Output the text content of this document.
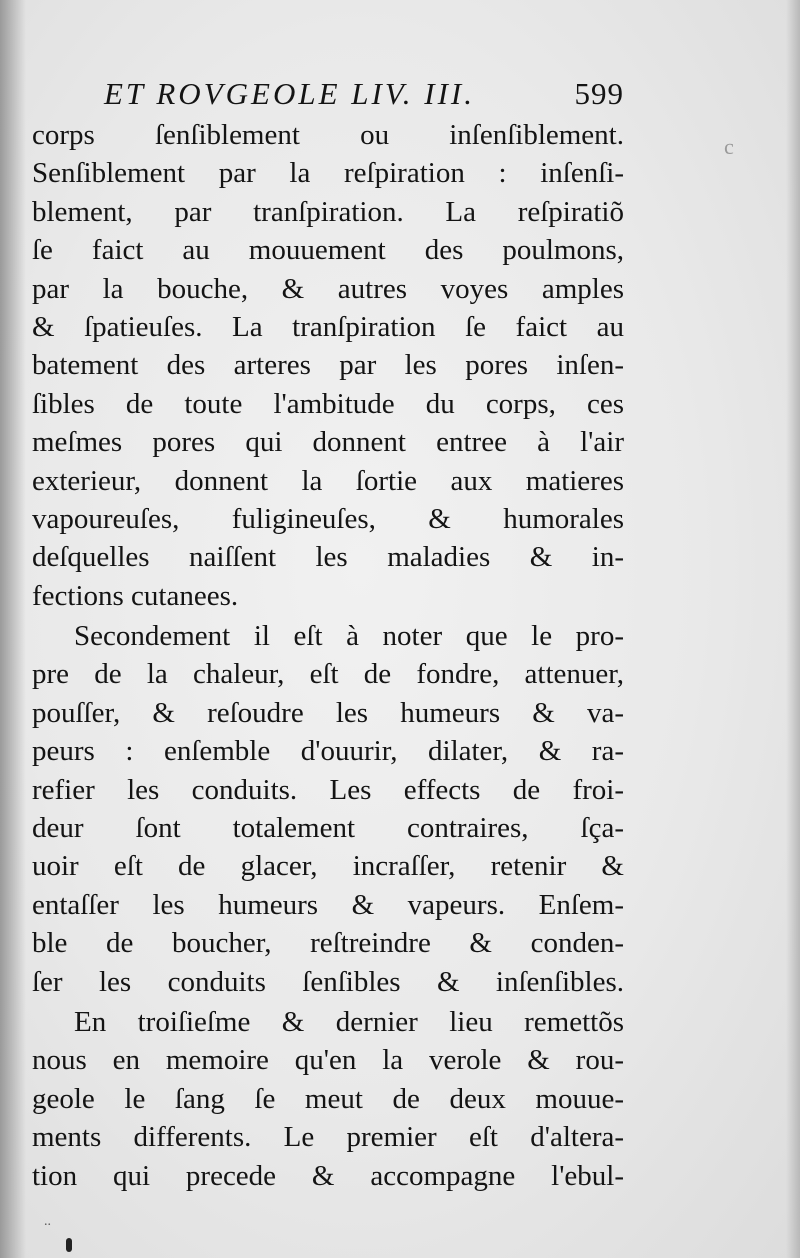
ET ROVGEOLE LIV. III.	599
corps ſenſiblement ou inſenſiblement.
Senſiblement par la reſpiration : inſenſi-
blement, par tranſpiration. La reſpiratiõ
ſe faict au mouuement des poulmons,
par la bouche, & autres voyes amples
& ſpatieuſes. La tranſpiration ſe faict au
batement des arteres par les pores inſen-
ſibles de toute l'ambitude du corps, ces
meſmes pores qui donnent entree à l'air
exterieur, donnent la ſortie aux matieres
vapoureuſes, fuligineuſes, & humorales
deſquelles naiſſent les maladies & in-
fections cutanees.
Secondement il eſt à noter que le pro-
pre de la chaleur, eſt de fondre, attenuer,
pouſſer, & reſoudre les humeurs & va-
peurs : enſemble d'ouurir, dilater, & ra-
refier les conduits. Les effects de froi-
deur ſont totalement contraires, ſça-
uoir eſt de glacer, incraſſer, retenir &
entaſſer les humeurs & vapeurs. Enſem-
ble de boucher, reſtreindre & conden-
ſer les conduits ſenſibles & inſenſibles.
En troiſieſme & dernier lieu remettõs
nous en memoire qu'en la verole & rou-
geole le ſang ſe meut de deux mouue-
ments differents. Le premier eſt d'altera-
tion qui precede & accompagne l'ebul-
c
..
